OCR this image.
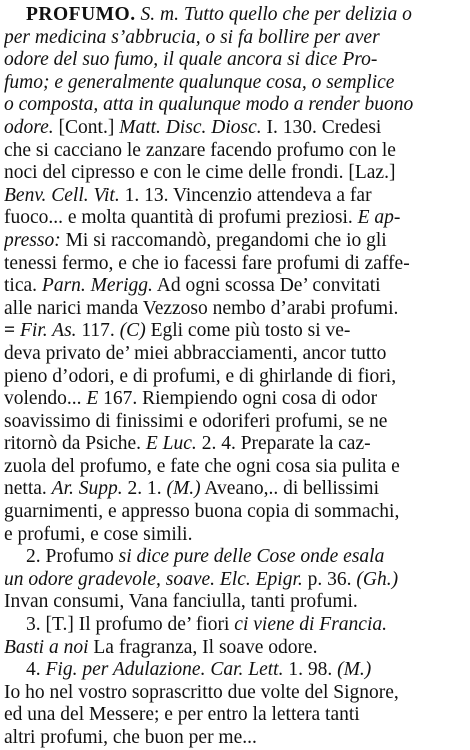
PROFUMO. S. m. Tutto quello che per delizia o
per medicina s’abbrucia, o si fa bollire per aver
odore del suo fumo, il quale ancora si dice Pro-
fumo; e generalmente qualunque cosa, o semplice
o composta, atta in qualunque modo a render buono
odore. [Cont.] Matt. Disc. Diosc. I. 130. Credesi
che si cacciano le zanzare facendo profumo con le
noci del cipresso e con le cime delle frondi. [Laz.]
Benv. Cell. Vit. 1. 13. Vincenzio attendeva a far
fuoco... e molta quantità di profumi preziosi. E ap-
presso: Mi si raccomandò, pregandomi che io gli
tenessi fermo, e che io facessi fare profumi di zaffe-
tica. Parn. Merigg. Ad ogni scossa De’ convitati
alle narici manda Vezzoso nembo d’arabi profumi.
= Fir. As. 117. (C) Egli come più tosto si ve-
devа privato de’ miei abbracciamenti, ancor tutto
pieno d’odori, e di profumi, e di ghirlande di fiori,
volendo... E 167. Riempiendo ogni cosa di odor
soavissimo di finissimi e odoriferi profumi, se ne
ritornò da Psiche. E Luc. 2. 4. Preparate la caz-
zuola del profumo, e fate che ogni cosa sia pulita e
netta. Ar. Supp. 2. 1. (M.) Aveano,.. di bellissimi
guarnimenti, e appresso buona copia di sommachi,
e profumi, e cose simili.
2. Profumo si dice pure delle Cose onde esala
un odore gradevole, soave. Elc. Epigr. p. 36. (Gh.)
Invan consumi, Vana fanciulla, tanti profumi.
3. [T.] Il profumo de’ fiori ci viene di Francia.
Basti a noi La fragranza, Il soave odore.
4. Fig. per Adulazione. Car. Lett. 1. 98. (M.)
Io ho nel vostro soprascritto due volte del Signore,
ed una del Messere; e per entro la lettera tanti
altri profumi, che buon per me...
